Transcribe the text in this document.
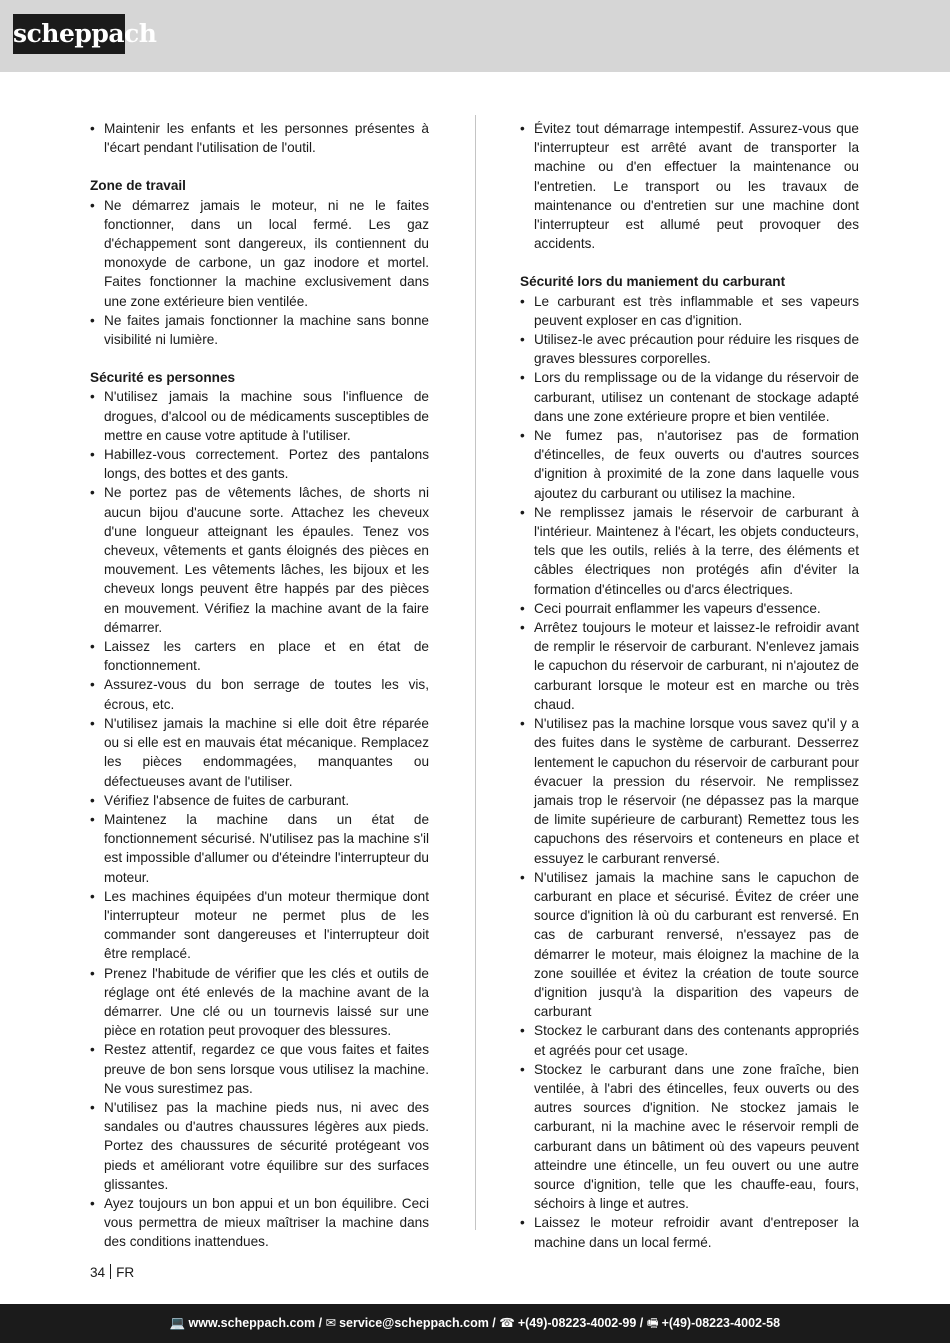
scheppach
• Maintenir les enfants et les personnes présentes à l'écart pendant l'utilisation de l'outil.
Zone de travail
• Ne démarrez jamais le moteur, ni ne le faites fonctionner, dans un local fermé. Les gaz d'échappement sont dangereux, ils contiennent du monoxyde de carbone, un gaz inodore et mortel. Faites fonctionner la machine exclusivement dans une zone extérieure bien ventilée.
• Ne faites jamais fonctionner la machine sans bonne visibilité ni lumière.
Sécurité es personnes
• N'utilisez jamais la machine sous l'influence de drogues, d'alcool ou de médicaments susceptibles de mettre en cause votre aptitude à l'utiliser.
• Habillez-vous correctement. Portez des pantalons longs, des bottes et des gants.
• Ne portez pas de vêtements lâches, de shorts ni aucun bijou d'aucune sorte. Attachez les cheveux d'une longueur atteignant les épaules. Tenez vos cheveux, vêtements et gants éloignés des pièces en mouvement. Les vêtements lâches, les bijoux et les cheveux longs peuvent être happés par des pièces en mouvement. Vérifiez la machine avant de la faire démarrer.
• Laissez les carters en place et en état de fonctionnement.
• Assurez-vous du bon serrage de toutes les vis, écrous, etc.
• N'utilisez jamais la machine si elle doit être réparée ou si elle est en mauvais état mécanique. Remplacez les pièces endommagées, manquantes ou défectueuses avant de l'utiliser.
• Vérifiez l'absence de fuites de carburant.
• Maintenez la machine dans un état de fonctionnement sécurisé. N'utilisez pas la machine s'il est impossible d'allumer ou d'éteindre l'interrupteur du moteur.
• Les machines équipées d'un moteur thermique dont l'interrupteur moteur ne permet plus de les commander sont dangereuses et l'interrupteur doit être remplacé.
• Prenez l'habitude de vérifier que les clés et outils de réglage ont été enlevés de la machine avant de la démarrer. Une clé ou un tournevis laissé sur une pièce en rotation peut provoquer des blessures.
• Restez attentif, regardez ce que vous faites et faites preuve de bon sens lorsque vous utilisez la machine. Ne vous surestimez pas.
• N'utilisez pas la machine pieds nus, ni avec des sandales ou d'autres chaussures légères aux pieds. Portez des chaussures de sécurité protégeant vos pieds et améliorant votre équilibre sur des surfaces glissantes.
• Ayez toujours un bon appui et un bon équilibre. Ceci vous permettra de mieux maîtriser la machine dans des conditions inattendues.
• Évitez tout démarrage intempestif. Assurez-vous que l'interrupteur est arrêté avant de transporter la machine ou d'en effectuer la maintenance ou l'entretien. Le transport ou les travaux de maintenance ou d'entretien sur une machine dont l'interrupteur est allumé peut provoquer des accidents.
Sécurité lors du maniement du carburant
• Le carburant est très inflammable et ses vapeurs peuvent exploser en cas d'ignition.
• Utilisez-le avec précaution pour réduire les risques de graves blessures corporelles.
• Lors du remplissage ou de la vidange du réservoir de carburant, utilisez un contenant de stockage adapté dans une zone extérieure propre et bien ventilée.
• Ne fumez pas, n'autorisez pas de formation d'étincelles, de feux ouverts ou d'autres sources d'ignition à proximité de la zone dans laquelle vous ajoutez du carburant ou utilisez la machine.
• Ne remplissez jamais le réservoir de carburant à l'intérieur. Maintenez à l'écart, les objets conducteurs, tels que les outils, reliés à la terre, des éléments et câbles électriques non protégés afin d'éviter la formation d'étincelles ou d'arcs électriques.
• Ceci pourrait enflammer les vapeurs d'essence.
• Arrêtez toujours le moteur et laissez-le refroidir avant de remplir le réservoir de carburant. N'enlevez jamais le capuchon du réservoir de carburant, ni n'ajoutez de carburant lorsque le moteur est en marche ou très chaud.
• N'utilisez pas la machine lorsque vous savez qu'il y a des fuites dans le système de carburant. Desserrez lentement le capuchon du réservoir de carburant pour évacuer la pression du réservoir. Ne remplissez jamais trop le réservoir (ne dépassez pas la marque de limite supérieure de carburant) Remettez tous les capuchons des réservoirs et conteneurs en place et essuyez le carburant renversé.
• N'utilisez jamais la machine sans le capuchon de carburant en place et sécurisé. Évitez de créer une source d'ignition là où du carburant est renversé. En cas de carburant renversé, n'essayez pas de démarrer le moteur, mais éloignez la machine de la zone souillée et évitez la création de toute source d'ignition jusqu'à la disparition des vapeurs de carburant
• Stockez le carburant dans des contenants appropriés et agréés pour cet usage.
• Stockez le carburant dans une zone fraîche, bien ventilée, à l'abri des étincelles, feux ouverts ou des autres sources d'ignition. Ne stockez jamais le carburant, ni la machine avec le réservoir rempli de carburant dans un bâtiment où des vapeurs peuvent atteindre une étincelle, un feu ouvert ou une autre source d'ignition, telle que les chauffe-eau, fours, séchoirs à linge et autres.
• Laissez le moteur refroidir avant d'entreposer la machine dans un local fermé.
34 FR
💻 www.scheppach.com / ✉ service@scheppach.com / ☎ +(49)-08223-4002-99 / 🖷 +(49)-08223-4002-58
